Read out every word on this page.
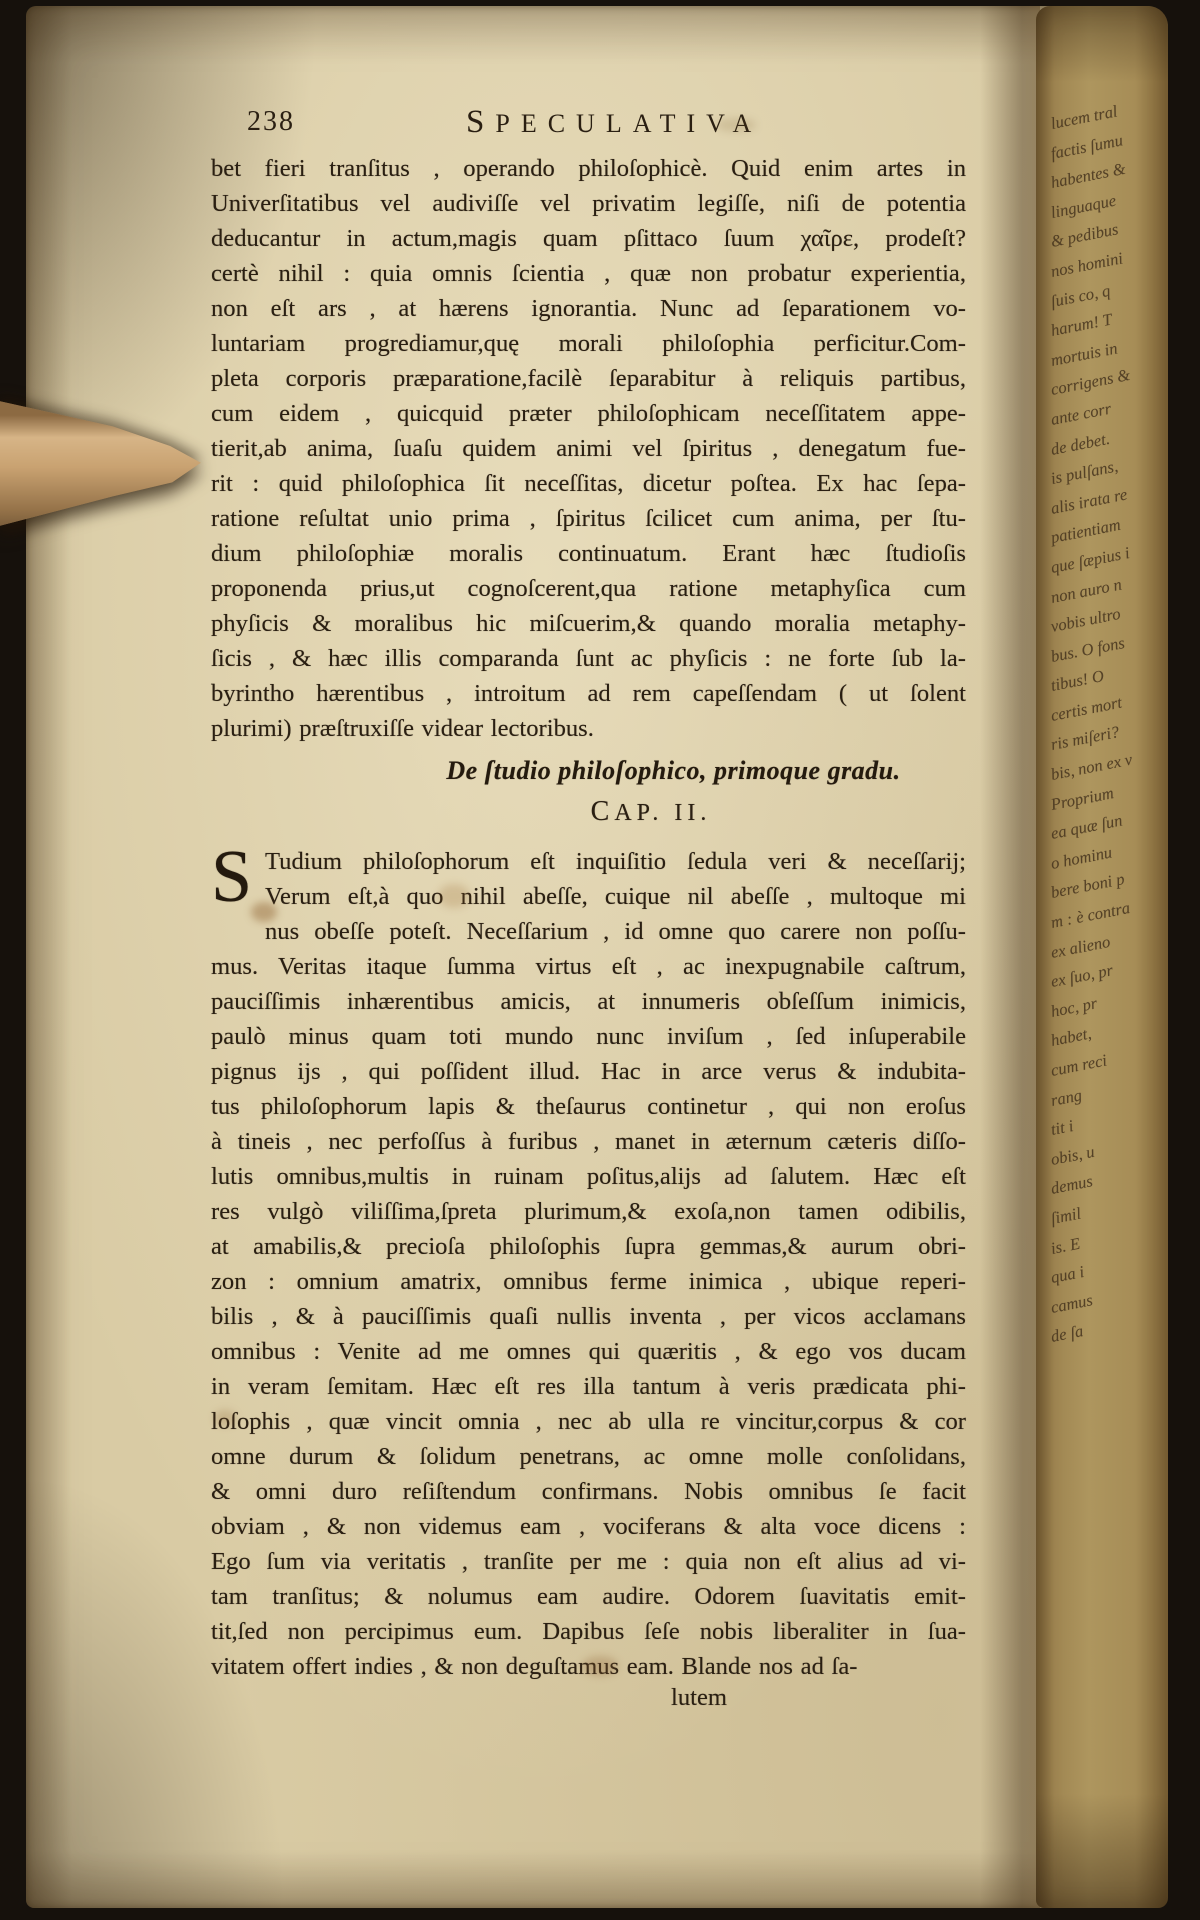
lucem tral
factis ſumu
habentes &
linguaque
& pedibus
nos homini
ſuis co, q
harum! T
mortuis in
corrigens &
ante corr
de debet.
is pulſans,
alis irata re
patientiam
que ſæpius i
non auro n
vobis ultro
bus. O fons
tibus! O
certis mort
ris miſeri?
bis, non ex v
Proprium
ea quæ ſun
o hominu
bere boni p
m : è contra
ex alieno
ex ſuo, pr
hoc, pr
habet,
cum reci
rang
tit i
obis, u
demus
ſimil
is. E
qua i
camus
de ſa
238	SPECULATIVA
bet fieri tranſitus , operando philoſophicè. Quid enim artes in
Univerſitatibus vel audiviſſe vel privatim legiſſe, niſi de potentia
deducantur in actum,magis quam pſittaco ſuum χαῖρε, prodeſt?
certè nihil : quia omnis ſcientia , quæ non probatur experientia,
non eſt ars , at hærens ignorantia. Nunc ad ſeparationem vo-
luntariam progrediamur,quę morali philoſophia perficitur.Com-
pleta corporis præparatione,facilè ſeparabitur à reliquis partibus,
cum eidem , quicquid præter philoſophicam neceſſitatem appe-
tierit,ab anima, ſuaſu quidem animi vel ſpiritus , denegatum fue-
rit : quid philoſophica ſit neceſſitas, dicetur poſtea. Ex hac ſepa-
ratione reſultat unio prima , ſpiritus ſcilicet cum anima, per ſtu-
dium philoſophiæ moralis continuatum. Erant hæc ſtudioſis
proponenda prius,ut cognoſcerent,qua ratione metaphyſica cum
phyſicis & moralibus hic miſcuerim,& quando moralia metaphy-
ſicis , & hæc illis comparanda ſunt ac phyſicis : ne forte ſub la-
byrintho hærentibus , introitum ad rem capeſſendam ( ut ſolent
plurimi) præſtruxiſſe videar lectoribus.
De ſtudio philoſophico, primoque gradu.
CAP. II.
S Tudium philoſophorum eſt inquiſitio ſedula veri & neceſſarij;
Verum eſt,à quo nihil abeſſe, cuique nil abeſſe , multoque mi
nus obeſſe poteſt. Neceſſarium , id omne quo carere non poſſu-
mus. Veritas itaque ſumma virtus eſt , ac inexpugnabile caſtrum,
pauciſſimis inhærentibus amicis, at innumeris obſeſſum inimicis,
paulò minus quam toti mundo nunc inviſum , ſed inſuperabile
pignus ijs , qui poſſident illud. Hac in arce verus & indubita-
tus philoſophorum lapis & theſaurus continetur , qui non eroſus
à tineis , nec perfoſſus à furibus , manet in æternum cæteris diſſo-
lutis omnibus,multis in ruinam poſitus,alijs ad ſalutem. Hæc eſt
res vulgò viliſſima,ſpreta plurimum,& exoſa,non tamen odibilis,
at amabilis,& precioſa philoſophis ſupra gemmas,& aurum obri-
zon : omnium amatrix, omnibus ferme inimica , ubique reperi-
bilis , & à pauciſſimis quaſi nullis inventa , per vicos acclamans
omnibus : Venite ad me omnes qui quæritis , & ego vos ducam
in veram ſemitam. Hæc eſt res illa tantum à veris prædicata phi-
loſophis , quæ vincit omnia , nec ab ulla re vincitur,corpus & cor
omne durum & ſolidum penetrans, ac omne molle conſolidans,
& omni duro reſiſtendum confirmans. Nobis omnibus ſe facit
obviam , & non videmus eam , vociferans & alta voce dicens :
Ego ſum via veritatis , tranſite per me : quia non eſt alius ad vi-
tam tranſitus; & nolumus eam audire. Odorem ſuavitatis emit-
tit,ſed non percipimus eum. Dapibus ſeſe nobis liberaliter in ſua-
vitatem offert indies , & non deguſtamus eam. Blande nos ad ſa-
lutem
